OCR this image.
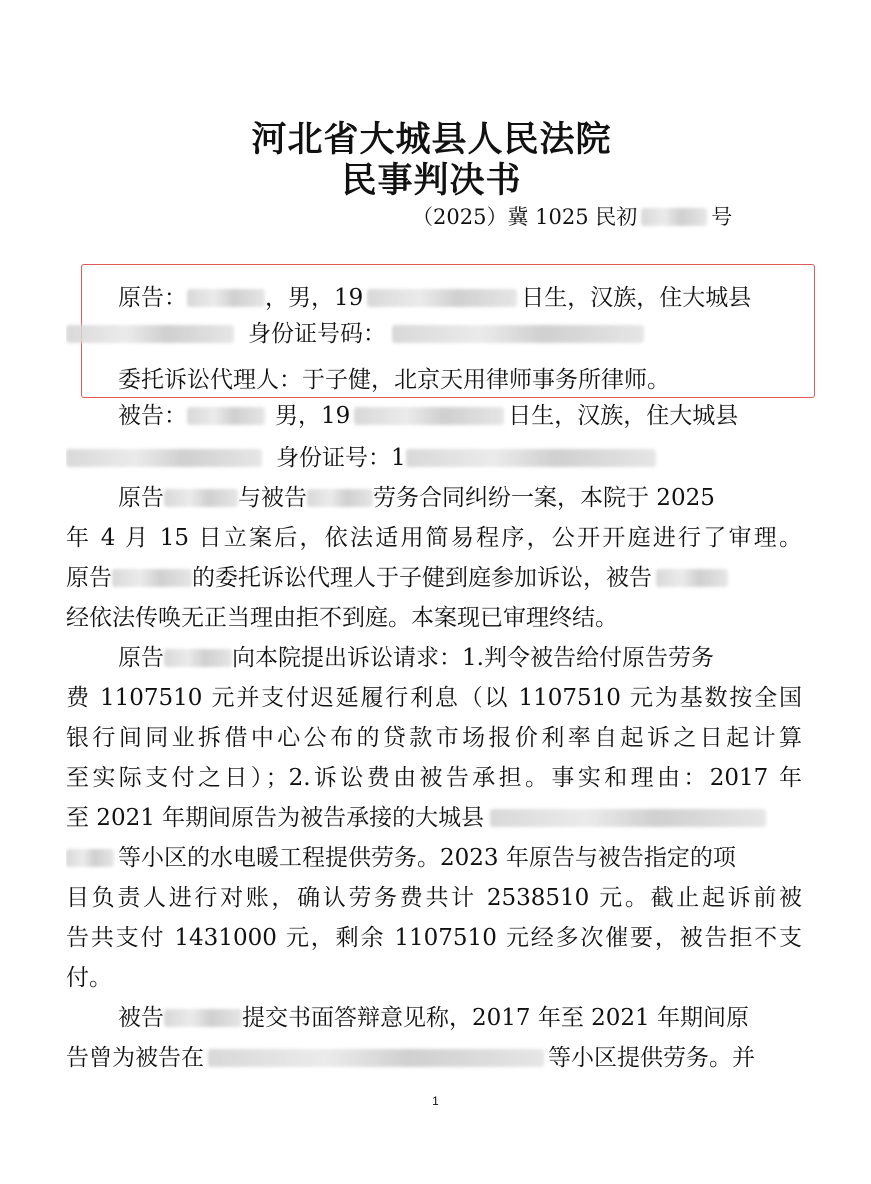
河北省大城县人民法院
民事判决书
（2025）冀 1025 民初	号
原告：	，男，19	日生，汉族，住大城县
身份证号码：
委托诉讼代理人：于子健，北京天用律师事务所律师。
被告：	男，19	日生，汉族，住大城县
身份证号：1
原告	与被告	劳务合同纠纷一案，本院于 2025
年 4 月 15 日立案后，依法适用简易程序，公开开庭进行了审理。
原告	的委托诉讼代理人于子健到庭参加诉讼，被告
经依法传唤无正当理由拒不到庭。本案现已审理终结。
原告	向本院提出诉讼请求：1.判令被告给付原告劳务
费 1107510 元并支付迟延履行利息（以 1107510 元为基数按全国
银行间同业拆借中心公布的贷款市场报价利率自起诉之日起计算
至实际支付之日）；2.诉讼费由被告承担。事实和理由：2017 年
至 2021 年期间原告为被告承接的大城县
等小区的水电暖工程提供劳务。2023 年原告与被告指定的项
目负责人进行对账，确认劳务费共计 2538510 元。截止起诉前被
告共支付 1431000 元，剩余 1107510 元经多次催要，被告拒不支
付。
被告	提交书面答辩意见称，2017 年至 2021 年期间原
告曾为被告在	等小区提供劳务。并
1
